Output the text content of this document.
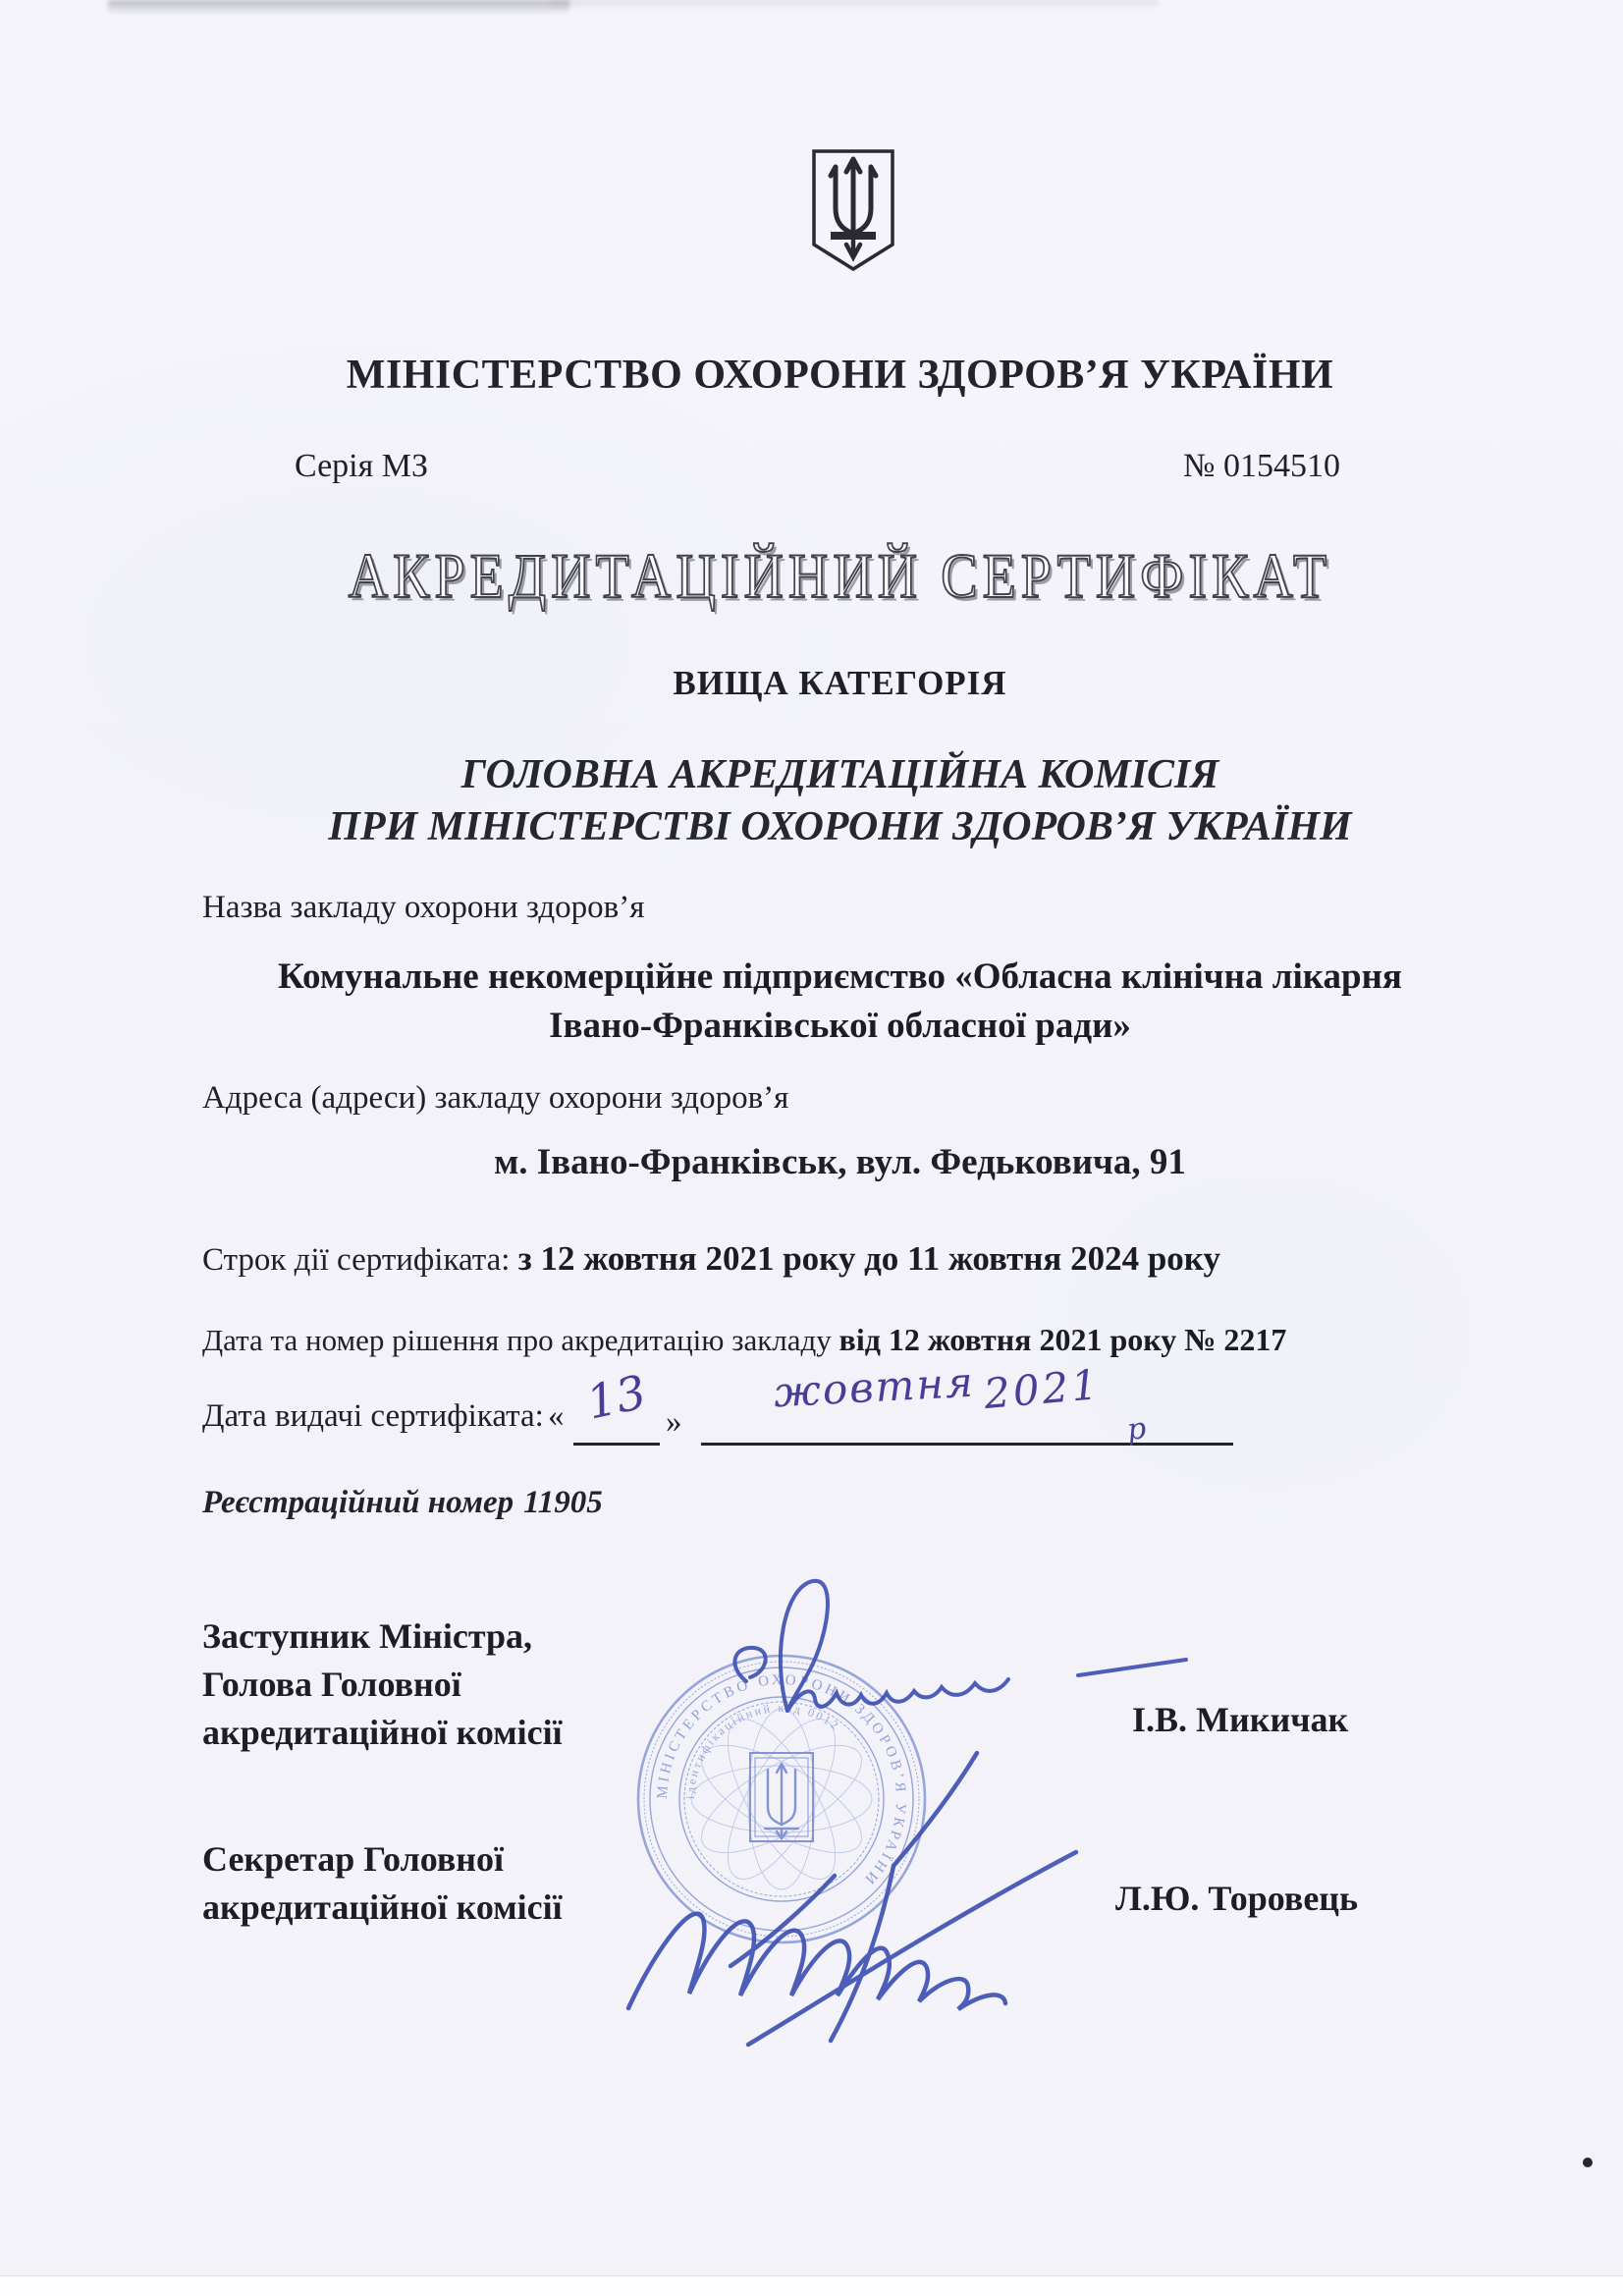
МІНІСТЕРСТВО ОХОРОНИ ЗДОРОВ’Я УКРАЇНИ
Серія МЗ	№ 0154510
АКРЕДИТАЦІЙНИЙ СЕРТИФІКАТ
ВИЩА КАТЕГОРІЯ
ГОЛОВНА АКРЕДИТАЦІЙНА КОМІСІЯ
ПРИ МІНІСТЕРСТВІ ОХОРОНИ ЗДОРОВ’Я УКРАЇНИ
Назва закладу охорони здоров’я
Комунальне некомерційне підприємство «Обласна клінічна лікарня
Івано-Франківської обласної ради»
Адреса (адреси) закладу охорони здоров’я
м. Івано-Франківськ, вул. Федьковича, 91
Строк дії сертифіката: з 12 жовтня 2021 року до 11 жовтня 2024 року
Дата та номер рішення про акредитацію закладу від 12 жовтня 2021 року № 2217
Дата видачі сертифіката: «	»
13	жовтня 2021
р
Реєстраційний номер 11905
МІНІСТЕРСТВО ОХОРОНИ ЗДОРОВ’Я УКРАЇНИ
ідентифікаційний код 0012
Заступник Міністра,
Голова Головної
акредитаційної комісії	І.В. Микичак
Секретар Головної
акредитаційної комісії	Л.Ю. Торовець
